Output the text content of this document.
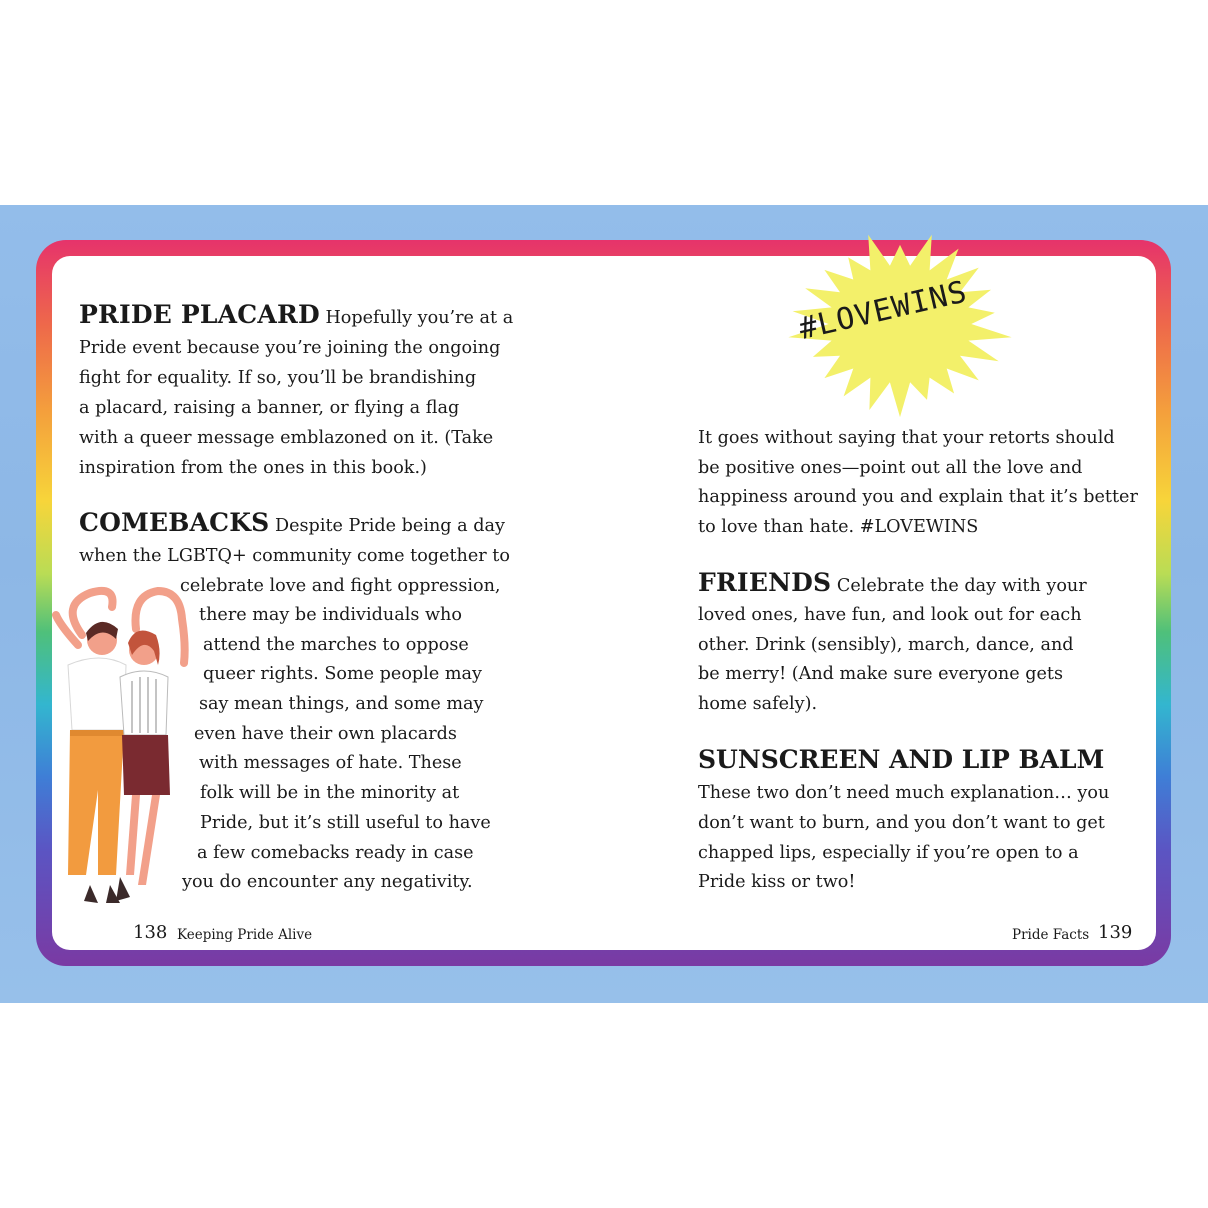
PRIDE PLACARD Hopefully you’re at a
Pride event because you’re joining the ongoing
fight for equality. If so, you’ll be brandishing
a placard, raising a banner, or flying a flag
with a queer message emblazoned on it. (Take
inspiration from the ones in this book.)
COMEBACKS Despite Pride being a day
when the LGBTQ+ community come together to
celebrate love and fight oppression,
there may be individuals who
attend the marches to oppose
queer rights. Some people may
say mean things, and some may
even have their own placards
with messages of hate. These
folk will be in the minority at
Pride, but it’s still useful to have
a few comebacks ready in case
you do encounter any negativity.
138 Keeping Pride Alive
#LOVEWINS
It goes without saying that your retorts should
be positive ones—point out all the love and
happiness around you and explain that it’s better
to love than hate. #LOVEWINS
FRIENDS Celebrate the day with your
loved ones, have fun, and look out for each
other. Drink (sensibly), march, dance, and
be merry! (And make sure everyone gets
home safely).
SUNSCREEN AND LIP BALM
These two don’t need much explanation… you
don’t want to burn, and you don’t want to get
chapped lips, especially if you’re open to a
Pride kiss or two!
Pride Facts 139
